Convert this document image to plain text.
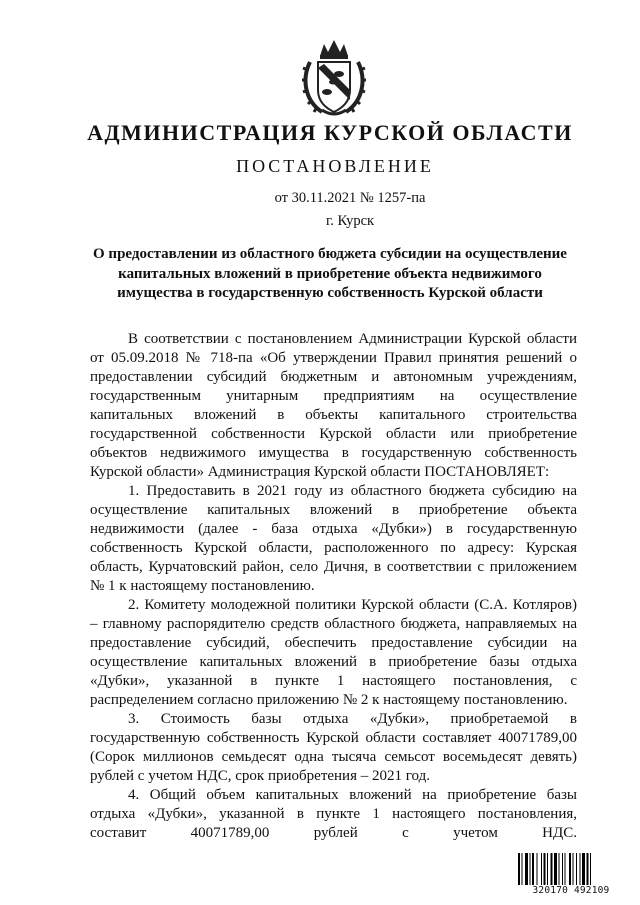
АДМИНИСТРАЦИЯ КУРСКОЙ ОБЛАСТИ
ПОСТАНОВЛЕНИЕ
от 30.11.2021 № 1257-па
г. Курск
О предоставлении из областного бюджета субсидии на осуществление
капитальных вложений в приобретение объекта недвижимого
имущества в государственную собственность Курской области

В соответствии с постановлением Администрации Курской области
от 05.09.2018 № 718-па «Об утверждении Правил принятия решений о
предоставлении субсидий бюджетным и автономным учреждениям,
государственным унитарным предприятиям на осуществление
капитальных вложений в объекты капитального строительства
государственной собственности Курской области или приобретение
объектов недвижимого имущества в государственную собственность
Курской области» Администрация Курской области ПОСТАНОВЛЯЕТ:

1. Предоставить в 2021 году из областного бюджета субсидию на
осуществление капитальных вложений в приобретение объекта
недвижимости (далее - база отдыха «Дубки») в государственную
собственность Курской области, расположенного по адресу: Курская
область, Курчатовский район, село Дичня, в соответствии с приложением
№ 1 к настоящему постановлению.

2. Комитету молодежной политики Курской области (С.А. Котляров)
– главному распорядителю средств областного бюджета, направляемых на
предоставление субсидий, обеспечить предоставление субсидии на
осуществление капитальных вложений в приобретение базы отдыха
«Дубки», указанной в пункте 1 настоящего постановления, с
распределением согласно приложению № 2 к настоящему постановлению.

3. Стоимость базы отдыха «Дубки», приобретаемой в
государственную собственность Курской области составляет 40071789,00
(Сорок миллионов семьдесят одна тысяча семьсот восемьдесят девять)
рублей с учетом НДС, срок приобретения – 2021 год.

4. Общий объем капитальных вложений на приобретение базы
отдыха «Дубки», указанной в пункте 1 настоящего постановления,
составит 40071789,00 рублей с учетом НДС.

320170 492109
